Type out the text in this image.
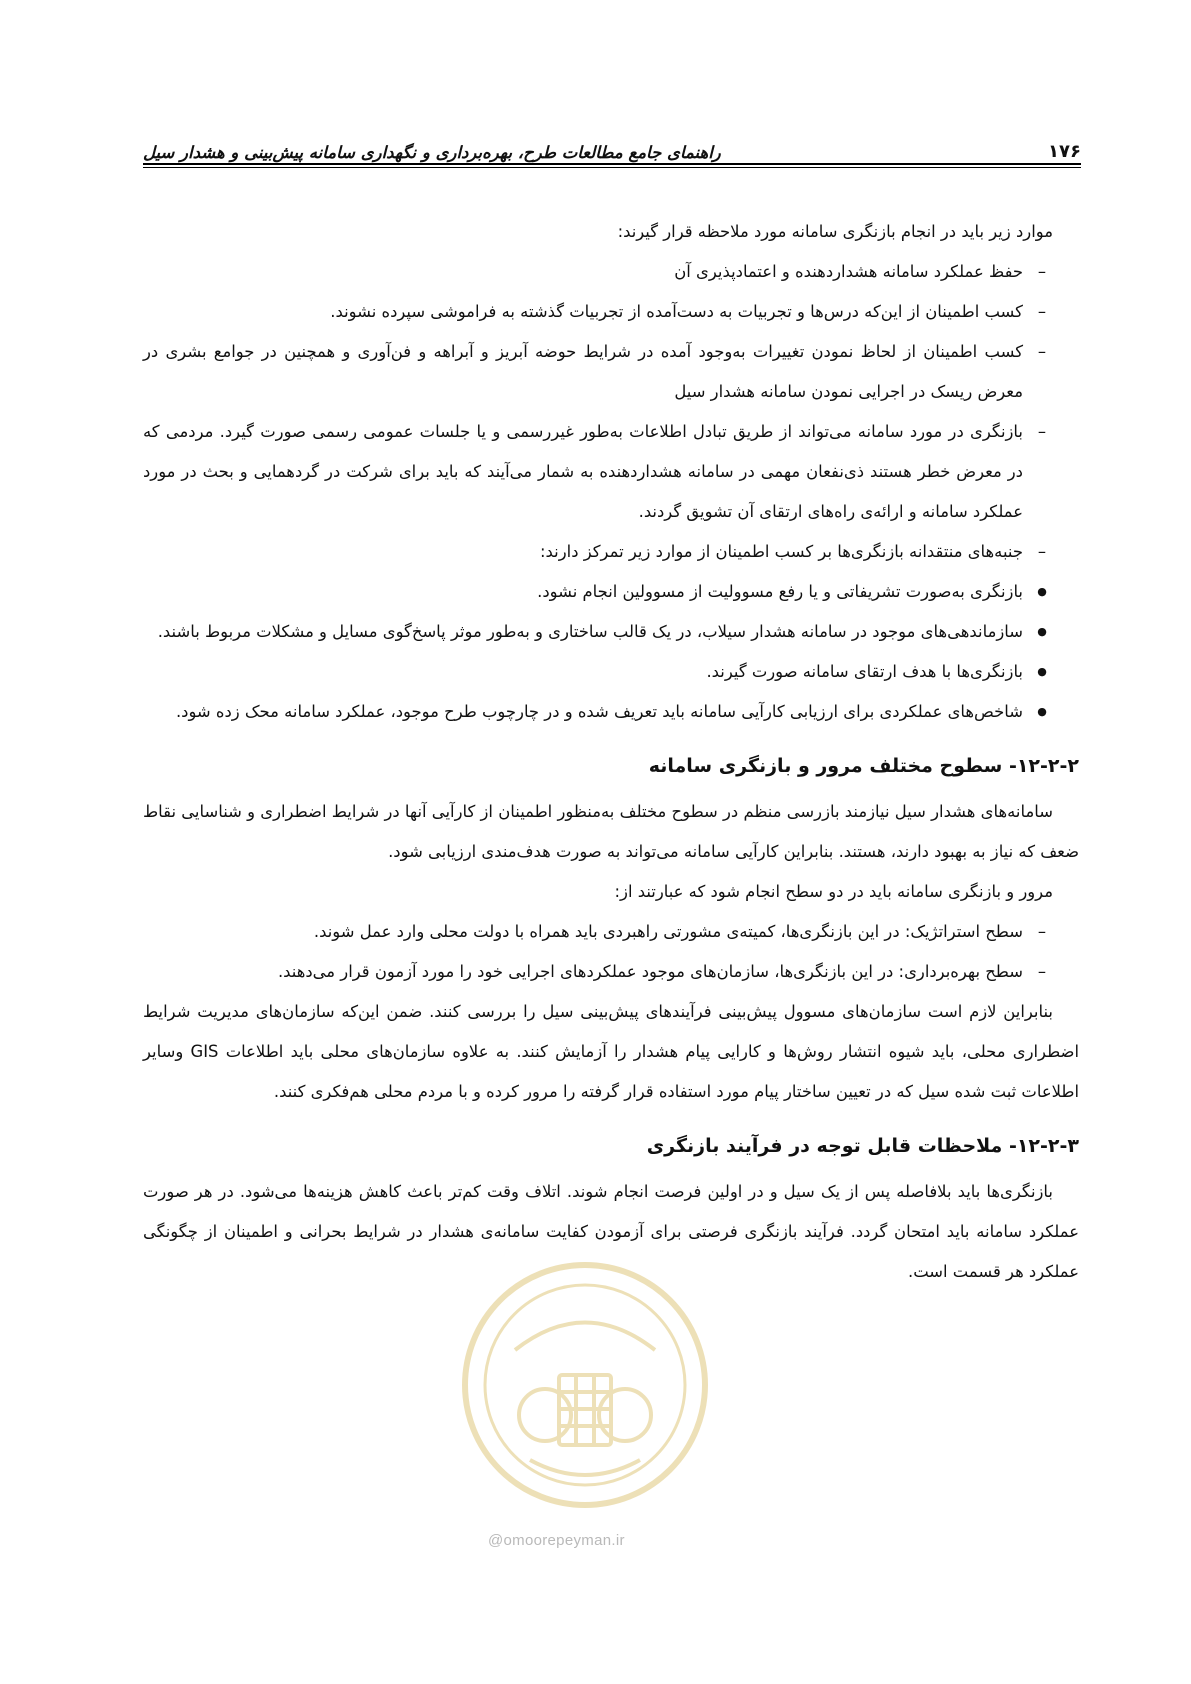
۱۷۶
راهنمای جامع مطالعات طرح، بهره‌برداری و نگهداری سامانه پیش‌بینی و هشدار سیل

موارد زیر باید در انجام بازنگری سامانه مورد ملاحظه قرار گیرند:

–
حفظ عملکرد سامانه هشداردهنده و اعتمادپذیری آن
–
کسب اطمینان از این‌که درس‌ها و تجربیات به دست‌آمده از تجربیات گذشته به فراموشی سپرده نشوند.
–
کسب اطمینان از لحاظ نمودن تغییرات به‌وجود آمده در شرایط حوضه آبریز و آبراهه و فن‌آوری و همچنین در جوامع بشری در معرض ریسک در اجرایی نمودن سامانه هشدار سیل
–
بازنگری در مورد سامانه می‌تواند از طریق تبادل اطلاعات به‌طور غیررسمی و یا جلسات عمومی رسمی صورت گیرد. مردمی که در معرض خطر هستند ذی‌نفعان مهمی در سامانه هشداردهنده به شمار می‌آیند که باید برای شرکت در گردهمایی و بحث در مورد عملکرد سامانه و ارائه‌ی راه‌های ارتقای آن تشویق گردند.
–
جنبه‌های منتقدانه بازنگری‌ها بر کسب اطمینان از موارد زیر تمرکز دارند:
●
بازنگری به‌صورت تشریفاتی و یا رفع مسوولیت از مسوولین انجام نشود.
●
سازماندهی‌های موجود در سامانه هشدار سیلاب، در یک قالب ساختاری و به‌طور موثر پاسخ‌گوی مسایل و مشکلات مربوط باشند.
●
بازنگری‌ها با هدف ارتقای سامانه صورت گیرند.
●
شاخص‌های عملکردی برای ارزیابی کارآیی سامانه باید تعریف شده و در چارچوب طرح موجود، عملکرد سامانه محک زده شود.
۱۲-۲-۲- سطوح مختلف مرور و بازنگری سامانه

سامانه‌های هشدار سیل نیازمند بازرسی منظم در سطوح مختلف به‌منظور اطمینان از کارآیی آنها در شرایط اضطراری و شناسایی نقاط ضعف که نیاز به بهبود دارند، هستند. بنابراین کارآیی سامانه می‌تواند به صورت هدف‌مندی ارزیابی شود.

مرور و بازنگری سامانه باید در دو سطح انجام شود که عبارتند از:

–
سطح استراتژیک: در این بازنگری‌ها، کمیته‌ی مشورتی راهبردی باید همراه با دولت محلی وارد عمل شوند.
–
سطح بهره‌برداری: در این بازنگری‌ها، سازمان‌های موجود عملکردهای اجرایی خود را مورد آزمون قرار می‌دهند.

بنابراین لازم است سازمان‌های مسوول پیش‌بینی فرآیندهای پیش‌بینی سیل را بررسی کنند. ضمن این‌که سازمان‌های مدیریت شرایط اضطراری محلی، باید شیوه انتشار روش‌ها و کارایی پیام هشدار را آزمایش کنند. به علاوه سازمان‌های محلی باید اطلاعات GIS وسایر اطلاعات ثبت شده سیل که در تعیین ساختار پیام مورد استفاده قرار گرفته را مرور کرده و با مردم محلی هم‌فکری کنند.

۱۲-۲-۳- ملاحظات قابل توجه در فرآیند بازنگری

بازنگری‌ها باید بلافاصله پس از یک سیل و در اولین فرصت انجام شوند. اتلاف وقت کم‌تر باعث کاهش هزینه‌ها می‌شود. در هر صورت عملکرد سامانه باید امتحان گردد. فرآیند بازنگری فرصتی برای آزمودن کفایت سامانه‌ی هشدار در شرایط بحرانی و اطمینان از چگونگی عملکرد هر قسمت است.

@omoorepeyman.ir
